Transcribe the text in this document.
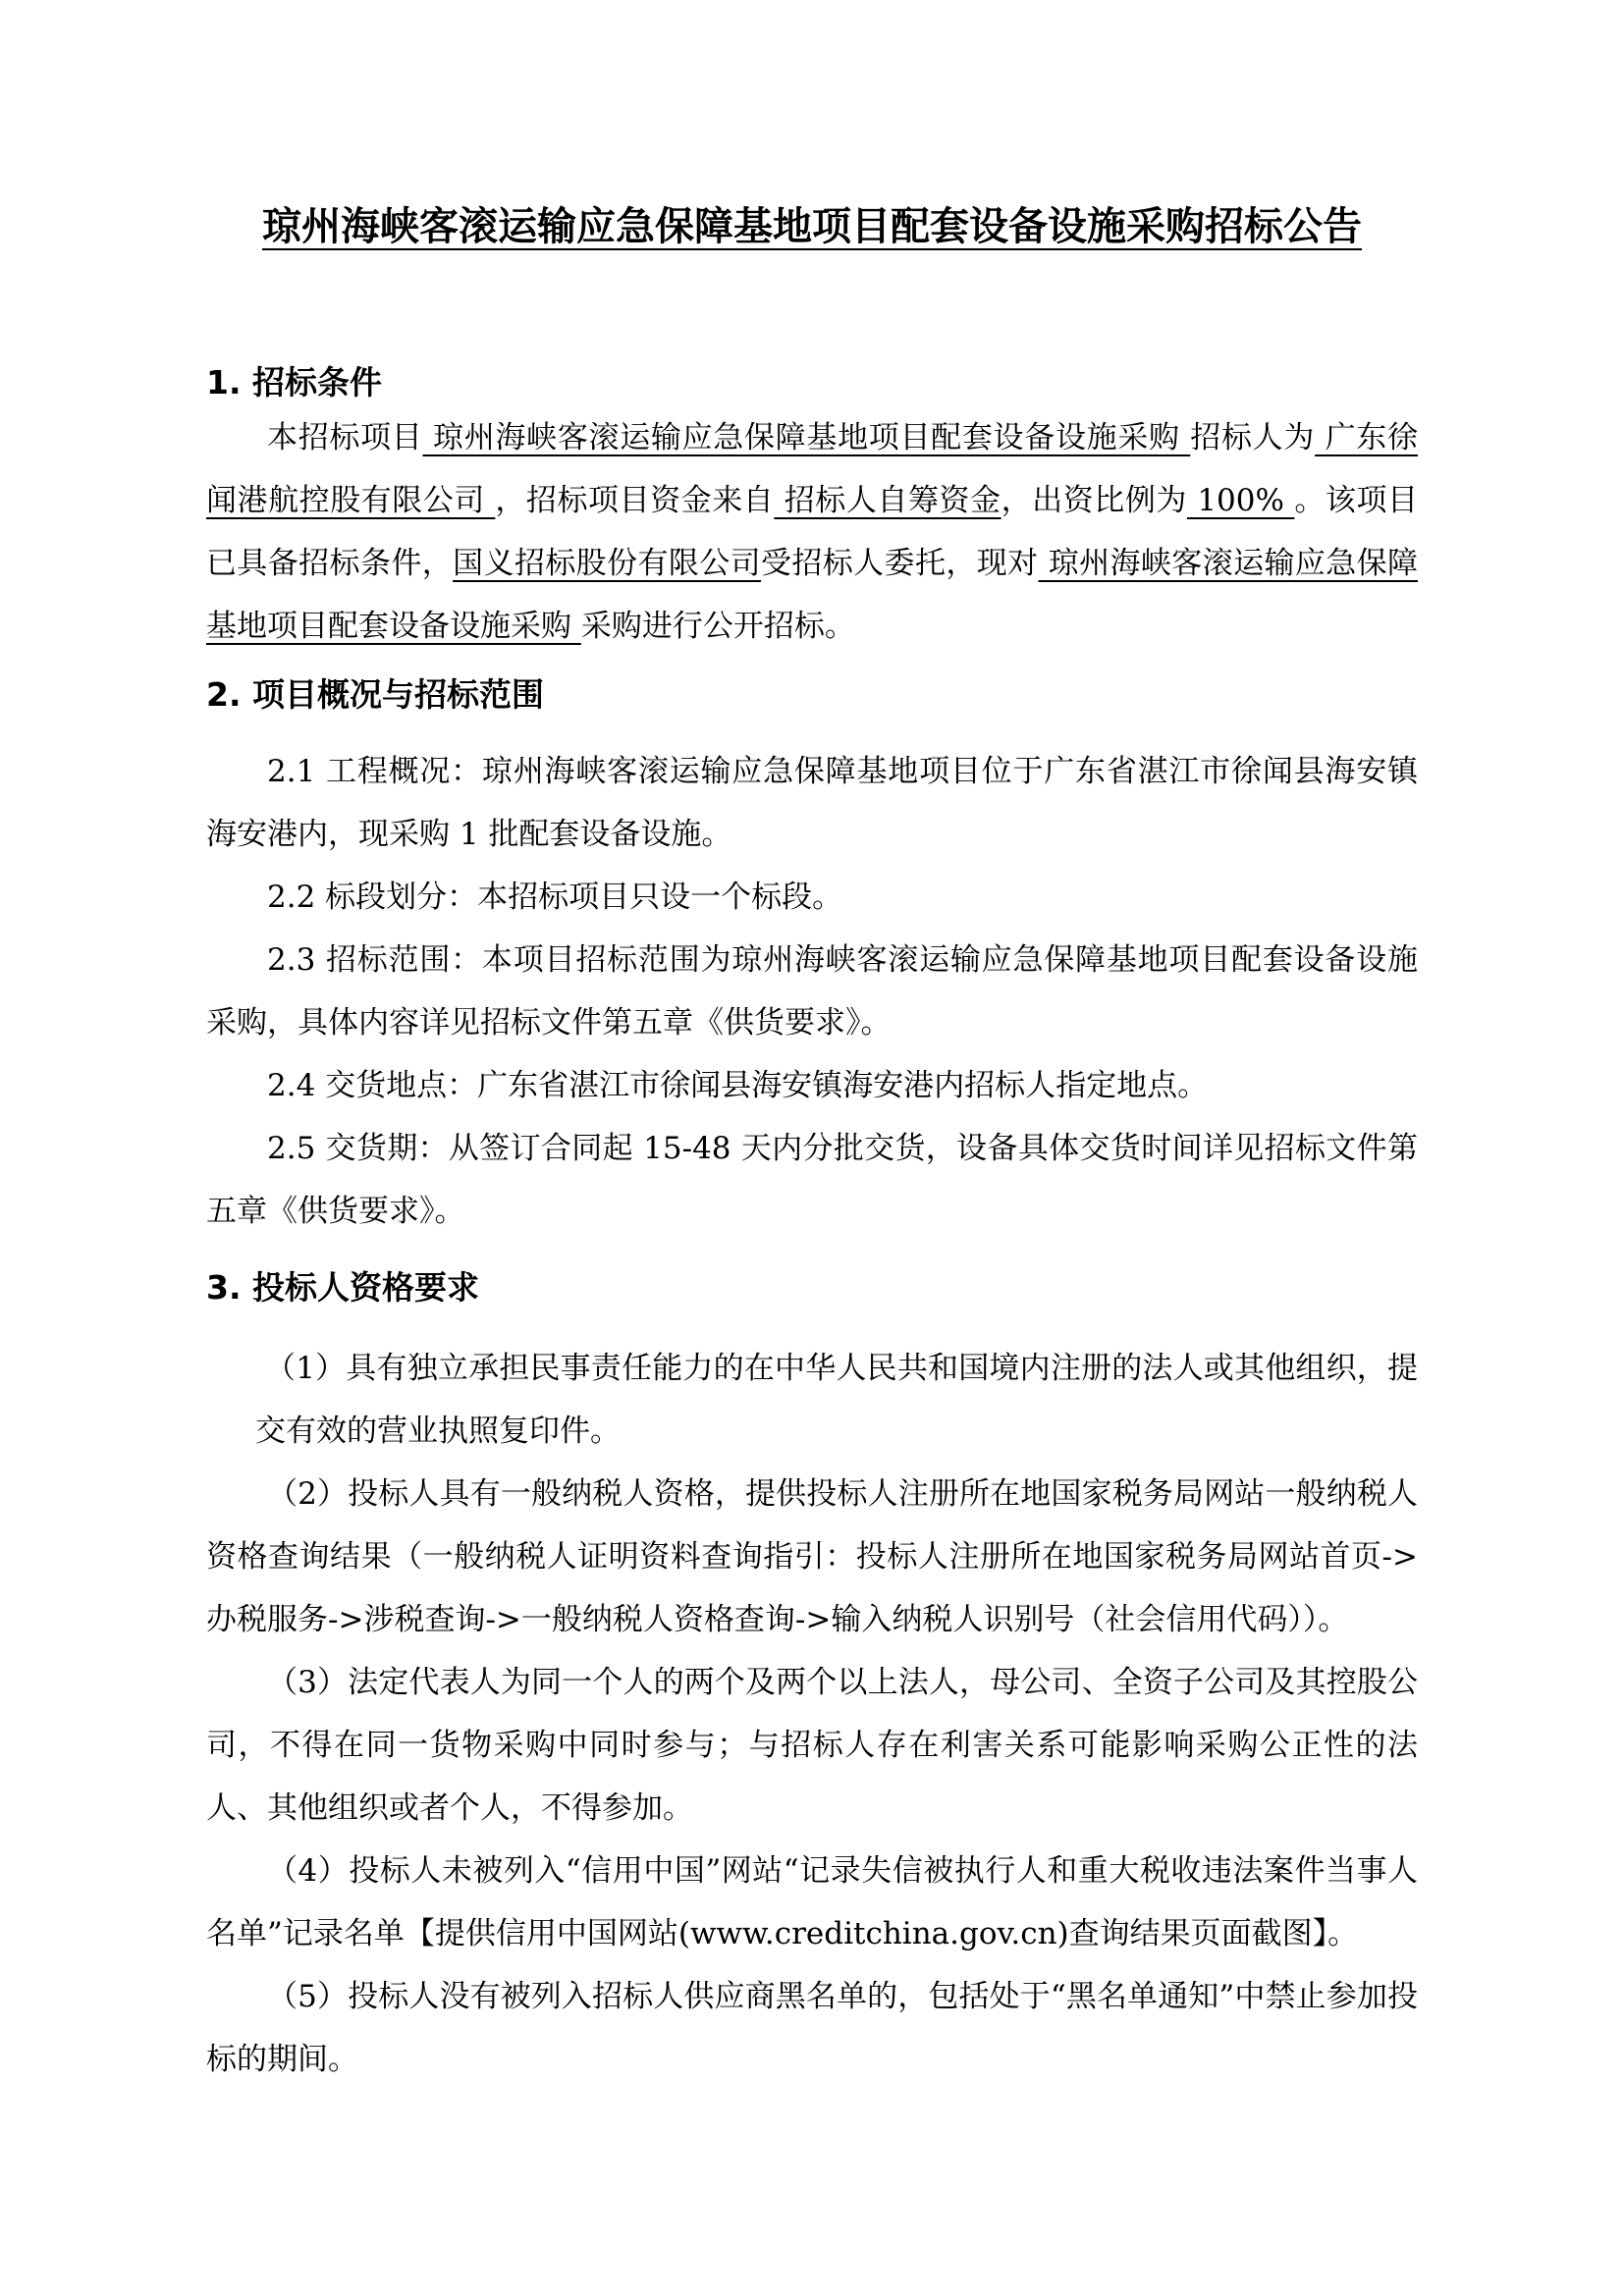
琼州海峡客滚运输应急保障基地项目配套设备设施采购招标公告
1. 招标条件

本招标项目 琼州海峡客滚运输应急保障基地项目配套设备设施采购 招标人为 广东徐闻港航控股有限公司 ，招标项目资金来自 招标人自筹资金，出资比例为 100% 。该项目已具备招标条件，国义招标股份有限公司受招标人委托，现对 琼州海峡客滚运输应急保障基地项目配套设备设施采购 采购进行公开招标。

2. 项目概况与招标范围

2.1 工程概况：琼州海峡客滚运输应急保障基地项目位于广东省湛江市徐闻县海安镇海安港内，现采购 1 批配套设备设施。

2.2 标段划分：本招标项目只设一个标段。

2.3 招标范围：本项目招标范围为琼州海峡客滚运输应急保障基地项目配套设备设施采购，具体内容详见招标文件第五章《供货要求》。

2.4 交货地点：广东省湛江市徐闻县海安镇海安港内招标人指定地点。

2.5 交货期：从签订合同起 15-48 天内分批交货，设备具体交货时间详见招标文件第五章《供货要求》。

3. 投标人资格要求

（1）具有独立承担民事责任能力的在中华人民共和国境内注册的法人或其他组织，提交有效的营业执照复印件。

（2）投标人具有一般纳税人资格，提供投标人注册所在地国家税务局网站一般纳税人资格查询结果（一般纳税人证明资料查询指引：投标人注册所在地国家税务局网站首页->办税服务->涉税查询->一般纳税人资格查询->输入纳税人识别号（社会信用代码））。

（3）法定代表人为同一个人的两个及两个以上法人，母公司、全资子公司及其控股公司，不得在同一货物采购中同时参与；与招标人存在利害关系可能影响采购公正性的法人、其他组织或者个人，不得参加。

（4）投标人未被列入“信用中国”网站“记录失信被执行人和重大税收违法案件当事人名单”记录名单【提供信用中国网站(www.creditchina.gov.cn)查询结果页面截图】。

（5）投标人没有被列入招标人供应商黑名单的，包括处于“黑名单通知”中禁止参加投标的期间。
